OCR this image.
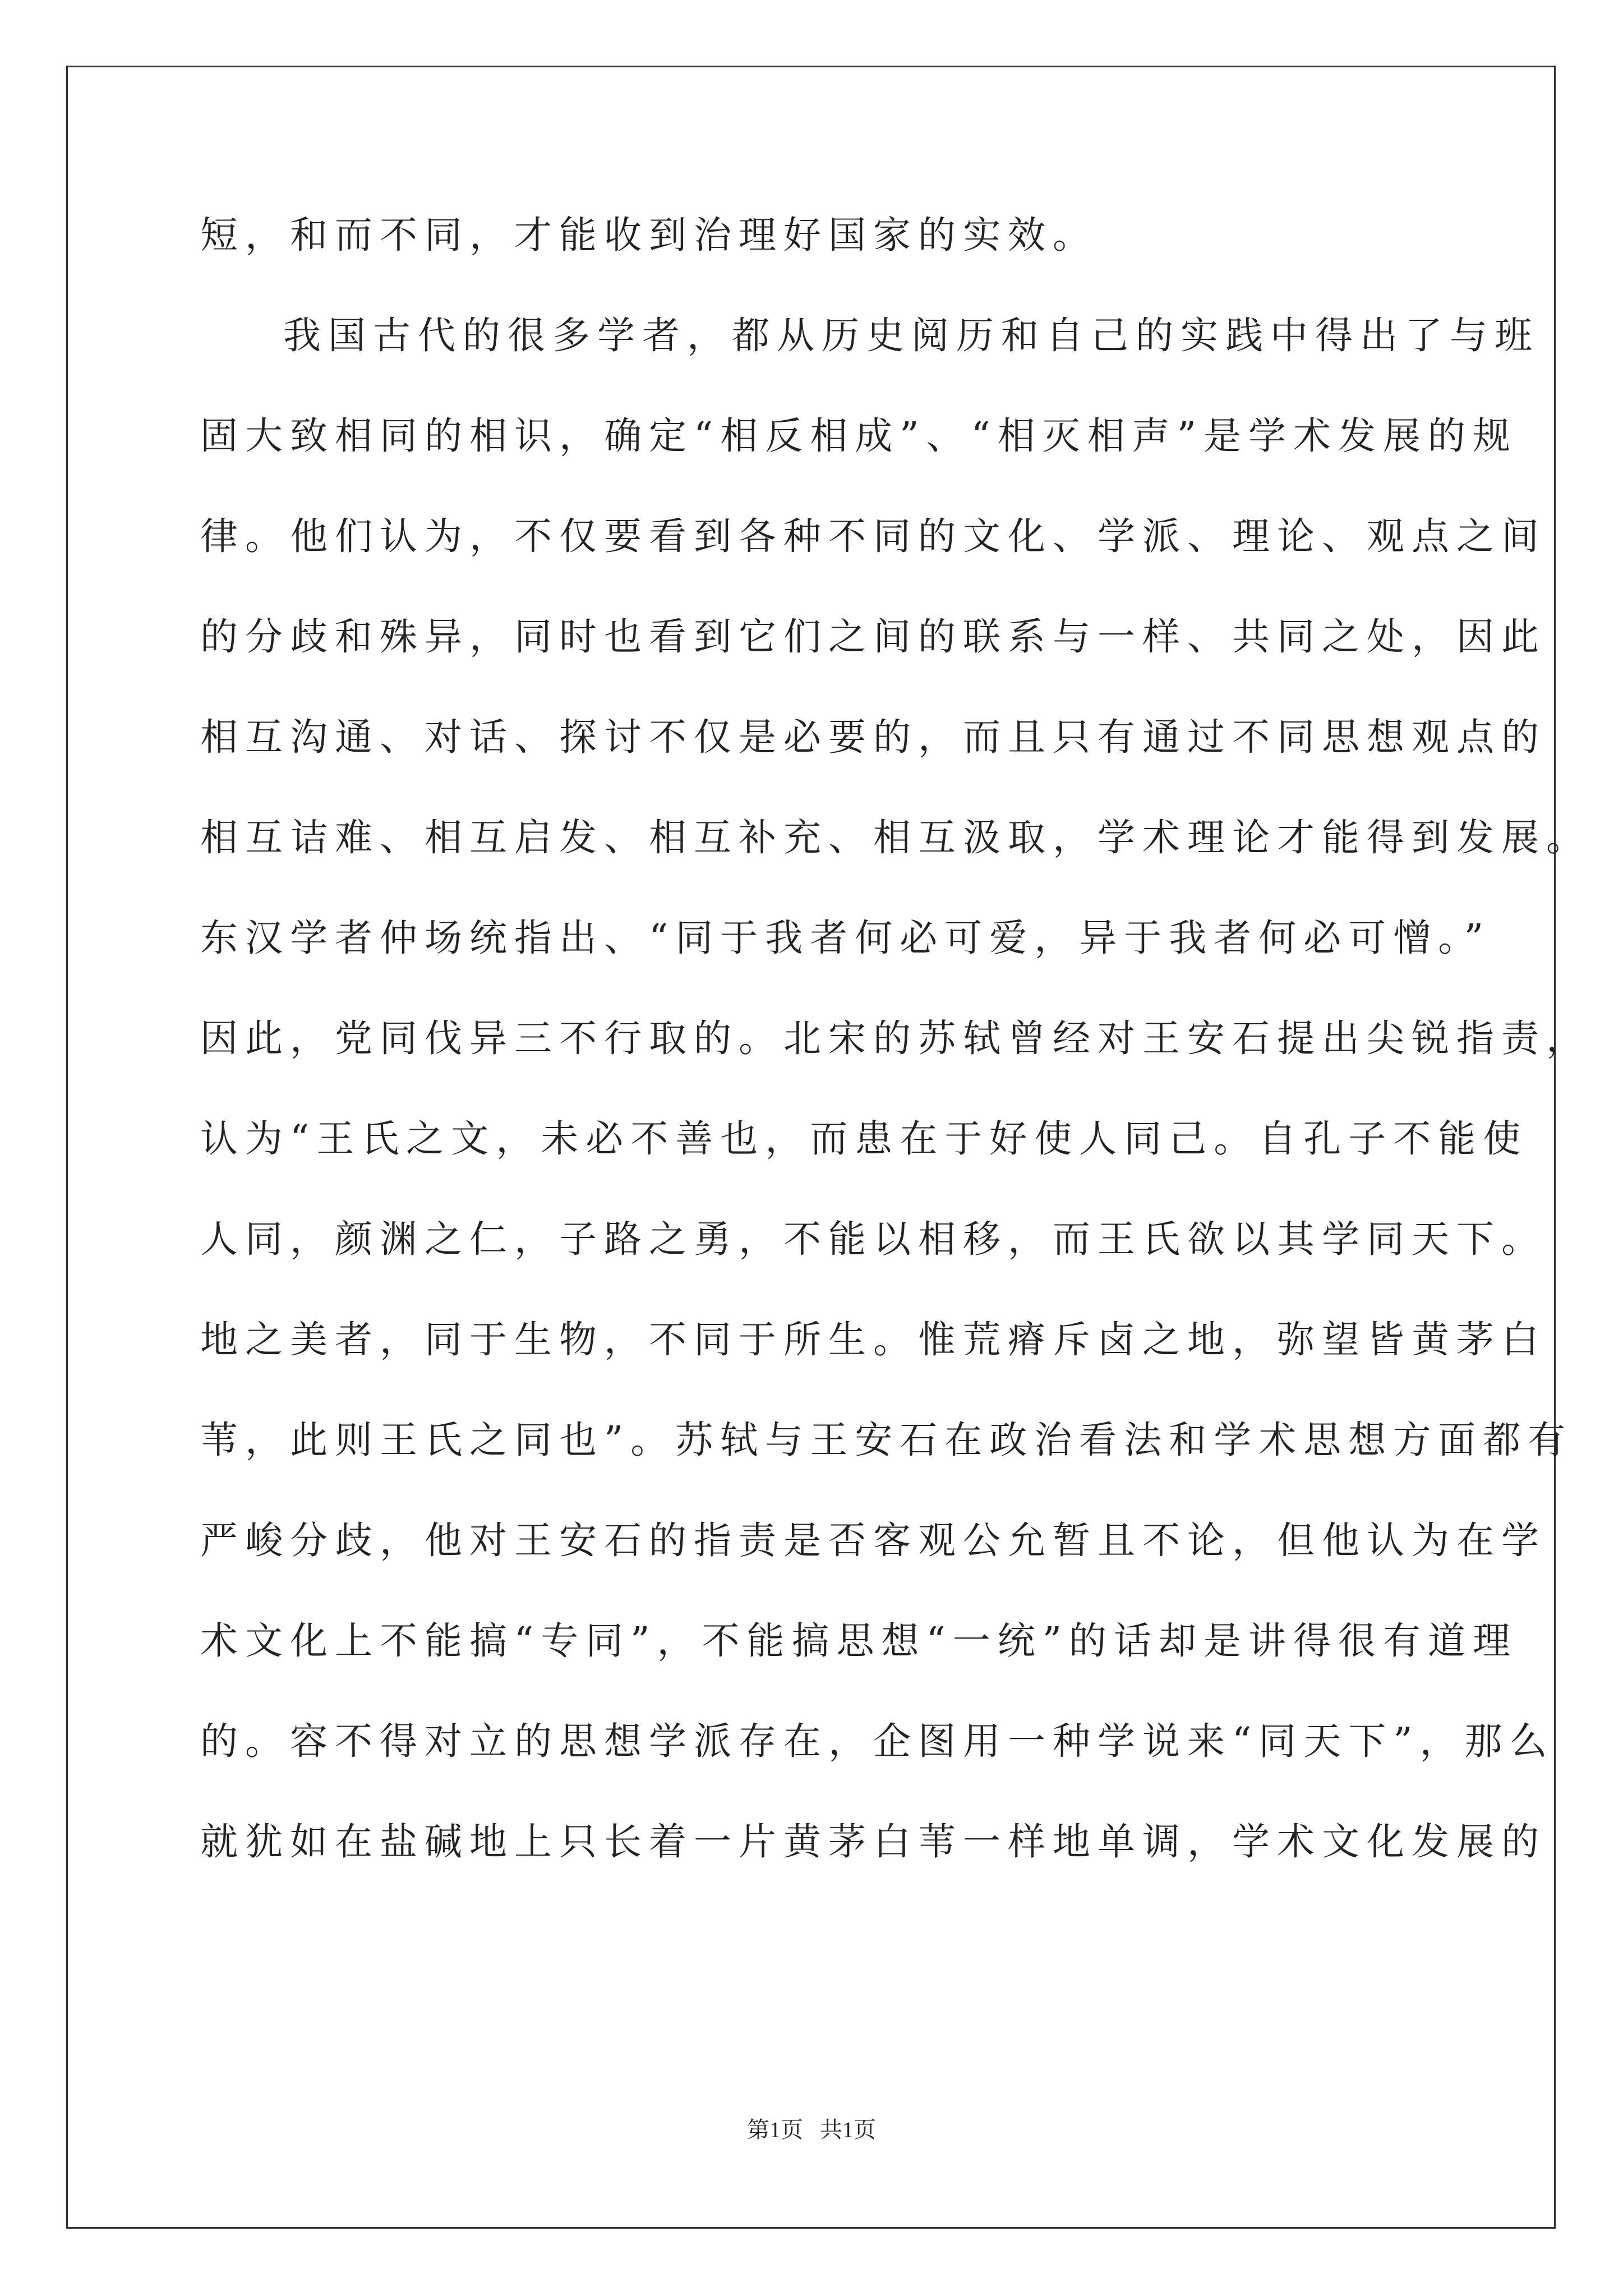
短，和而不同，才能收到治理好国家的实效。
我国古代的很多学者，都从历史阅历和自己的实践中得出了与班
固大致相同的相识，确定“相反相成”、“相灭相声”是学术发展的规
律。他们认为，不仅要看到各种不同的文化、学派、理论、观点之间
的分歧和殊异，同时也看到它们之间的联系与一样、共同之处，因此
相互沟通、对话、探讨不仅是必要的，而且只有通过不同思想观点的
相互诘难、相互启发、相互补充、相互汲取，学术理论才能得到发展。
东汉学者仲场统指出、“同于我者何必可爱，异于我者何必可憎。”
因此，党同伐异三不行取的。北宋的苏轼曾经对王安石提出尖锐指责，
认为“王氏之文，未必不善也，而患在于好使人同己。自孔子不能使
人同，颜渊之仁，子路之勇，不能以相移，而王氏欲以其学同天下。
地之美者，同于生物，不同于所生。惟荒瘠斥卤之地，弥望皆黄茅白
苇，此则王氏之同也”。苏轼与王安石在政治看法和学术思想方面都有
严峻分歧，他对王安石的指责是否客观公允暂且不论，但他认为在学
术文化上不能搞“专同”，不能搞思想“一统”的话却是讲得很有道理
的。容不得对立的思想学派存在，企图用一种学说来“同天下”，那么
就犹如在盐碱地上只长着一片黄茅白苇一样地单调，学术文化发展的
第1页   共1页
